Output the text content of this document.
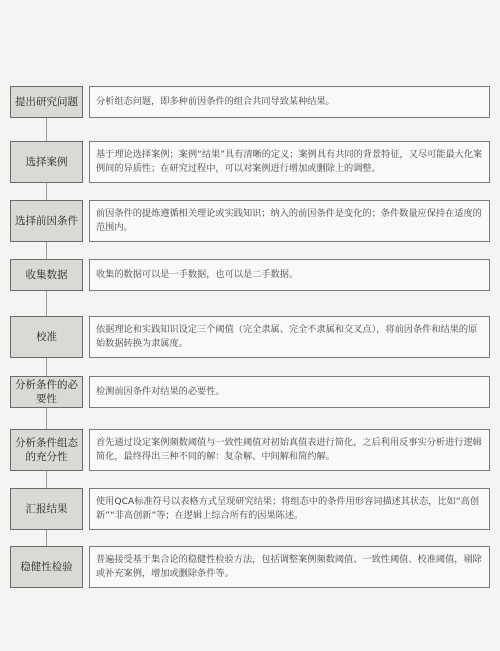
提出研究问题	分析组态问题，即多种前因条件的组合共同导致某种结果。
选择案例
基于理论选择案例；案例“结果”具有清晰的定义；案例具有共同的背景特征，又尽可能最大化案例间的异质性；在研究过程中，可以对案例进行增加或删除上的调整。
选择前因条件
前因条件的提炼遵循相关理论或实践知识；纳入的前因条件是变化的；条件数量应保持在适度的范围内。
收集数据	收集的数据可以是一手数据，也可以是二手数据。
校准
依据理论和实践知识设定三个阈值（完全隶属、完全不隶属和交叉点），将前因条件和结果的原始数据转换为隶属度。
分析条件的必要性
检测前因条件对结果的必要性。
分析条件组态的充分性
首先通过设定案例频数阈值与一致性阈值对初始真值表进行简化，之后利用反事实分析进行逻辑简化，最终得出三种不同的解：复杂解、中间解和简约解。
汇报结果
使用QCA标准符号以表格方式呈现研究结果；将组态中的条件用形容词描述其状态，比如“高创新”“非高创新”等；在逻辑上综合所有的因果陈述。
稳健性检验
普遍接受基于集合论的稳健性检验方法，包括调整案例频数阈值、一致性阈值、校准阈值，剔除或补充案例，增加或删除条件等。
